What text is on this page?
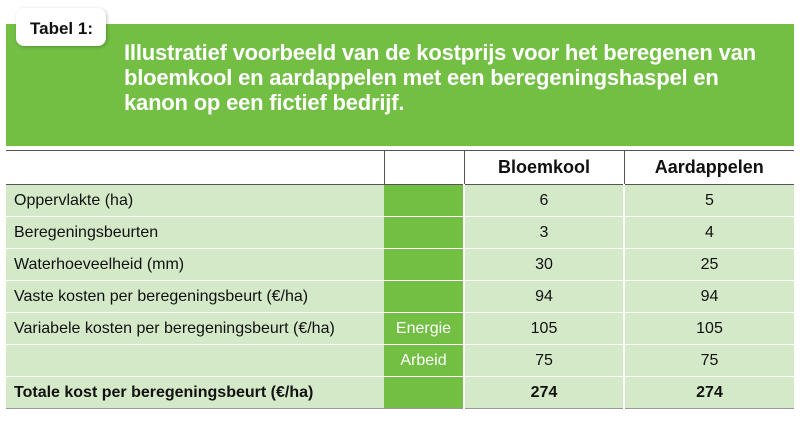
Tabel 1:
Illustratief voorbeeld van de kostprijs voor het beregenen van bloemkool en aardappelen met een beregeningshaspel en kanon op een fictief bedrijf.
		Bloemkool	Aardappelen
Oppervlakte (ha)		6	5
Beregeningsbeurten		3	4
Waterhoeveelheid (mm)		30	25
Vaste kosten per beregeningsbeurt (€/ha)		94	94
Variabele kosten per beregeningsbeurt (€/ha)	Energie	105	105
	Arbeid	75	75
Totale kost per beregeningsbeurt (€/ha)		274	274
